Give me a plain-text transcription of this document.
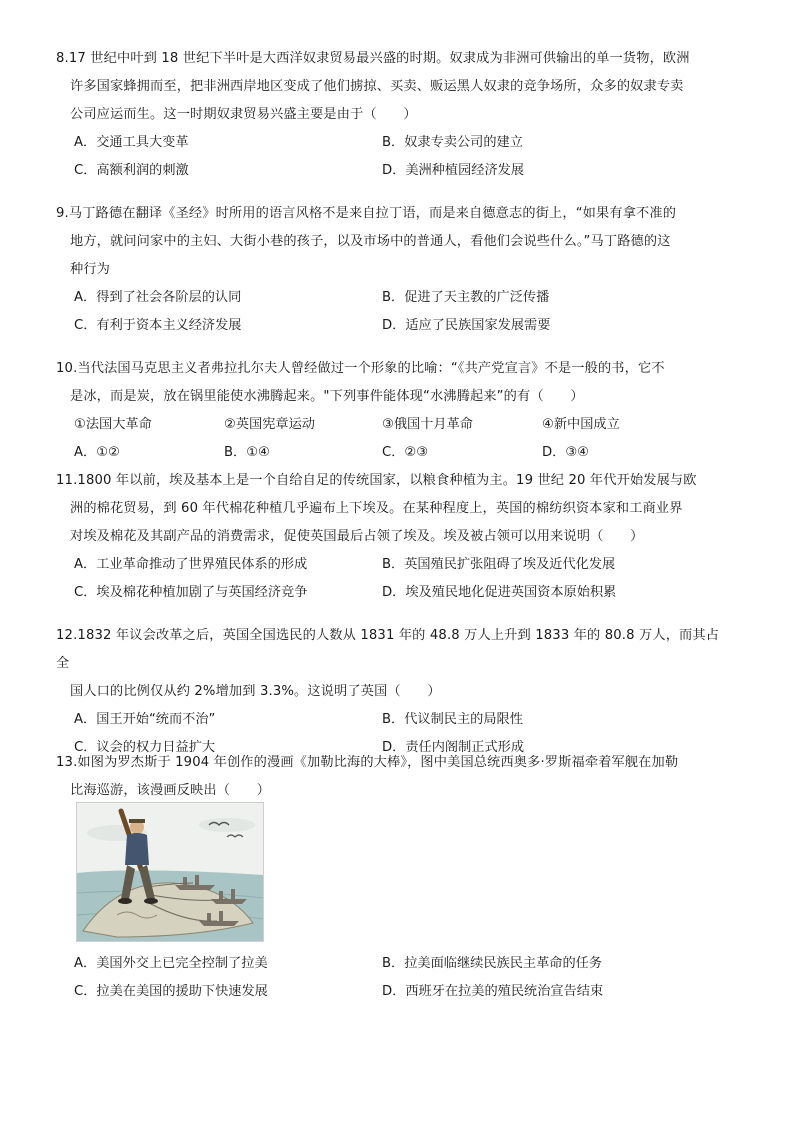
8.17 世纪中叶到 18 世纪下半叶是大西洋奴隶贸易最兴盛的时期。奴隶成为非洲可供输出的单一货物，欧洲

许多国家蜂拥而至，把非洲西岸地区变成了他们掳掠、买卖、贩运黑人奴隶的竞争场所，众多的奴隶专卖

公司应运而生。这一时期奴隶贸易兴盛主要是由于（　　）

A．交通工具大变革	B．奴隶专卖公司的建立
C．高额利润的刺激	D．美洲种植园经济发展

9.马丁路德在翻译《圣经》时所用的语言风格不是来自拉丁语，而是来自德意志的街上，“如果有拿不准的

地方，就问问家中的主妇、大街小巷的孩子，以及市场中的普通人，看他们会说些什么。”马丁路德的这

种行为

A．得到了社会各阶层的认同	B．促进了天主教的广泛传播
C．有利于资本主义经济发展	D．适应了民族国家发展需要

10.当代法国马克思主义者弗拉扎尔夫人曾经做过一个形象的比喻：“《共产党宣言》不是一般的书，它不

是冰，而是炭，放在锅里能使水沸腾起来。"下列事件能体现“水沸腾起来”的有（　　）

①法国大革命	②英国宪章运动	③俄国十月革命	④新中国成立
A．①②	B．①④	C．②③	D．③④

11.1800 年以前，埃及基本上是一个自给自足的传统国家，以粮食种植为主。19 世纪 20 年代开始发展与欧

洲的棉花贸易，到 60 年代棉花种植几乎遍布上下埃及。在某种程度上，英国的棉纺织资本家和工商业界

对埃及棉花及其副产品的消费需求，促使英国最后占领了埃及。埃及被占领可以用来说明（　　）

A．工业革命推动了世界殖民体系的形成	B．英国殖民扩张阻碍了埃及近代化发展
C．埃及棉花种植加剧了与英国经济竞争	D．埃及殖民地化促进英国资本原始积累

12.1832 年议会改革之后，英国全国选民的人数从 1831 年的 48.8 万人上升到 1833 年的 80.8 万人，而其占全

国人口的比例仅从约 2%增加到 3.3%。这说明了英国（　　）

A．国王开始“统而不治”	B．代议制民主的局限性
C．议会的权力日益扩大	D．责任内阁制正式形成

13.如图为罗杰斯于 1904 年创作的漫画《加勒比海的大棒》，图中美国总统西奥多·罗斯福牵着军舰在加勒

比海巡游，该漫画反映出（　　）

A．美国外交上已完全控制了拉美	B．拉美面临继续民族民主革命的任务
C．拉美在美国的援助下快速发展	D．西班牙在拉美的殖民统治宣告结束
